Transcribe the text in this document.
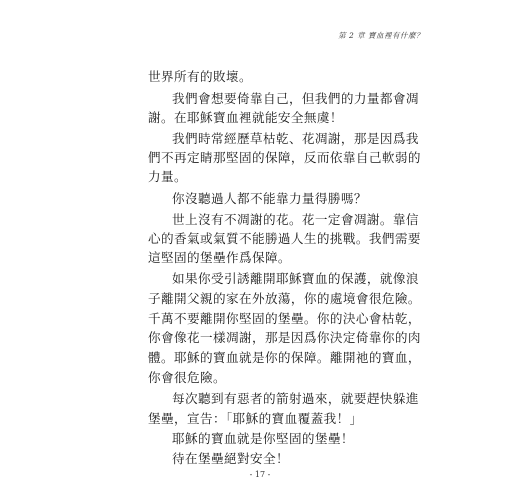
第 2 章 寶血裡有什麼？
世界所有的敗壞。
我們會想要倚靠自己，但我們的力量都會凋
謝。在耶穌寶血裡就能安全無虞！
我們時常經歷草枯乾、花凋謝，那是因爲我
們不再定睛那堅固的保障，反而依靠自己軟弱的
力量。
你沒聽過人都不能靠力量得勝嗎？
世上沒有不凋謝的花。花一定會凋謝。靠信
心的香氣或氣質不能勝過人生的挑戰。我們需要
這堅固的堡壘作爲保障。
如果你受引誘離開耶穌寶血的保護，就像浪
子離開父親的家在外放蕩，你的處境會很危險。
千萬不要離開你堅固的堡壘。你的決心會枯乾，
你會像花一樣凋謝，那是因爲你決定倚靠你的肉
體。耶穌的寶血就是你的保障。離開祂的寶血，
你會很危險。
每次聽到有惡者的箭射過來，就要趕快躲進
堡壘，宣告：「耶穌的寶血覆蓋我！」
耶穌的寶血就是你堅固的堡壘！
待在堡壘絕對安全！
- 17 -
